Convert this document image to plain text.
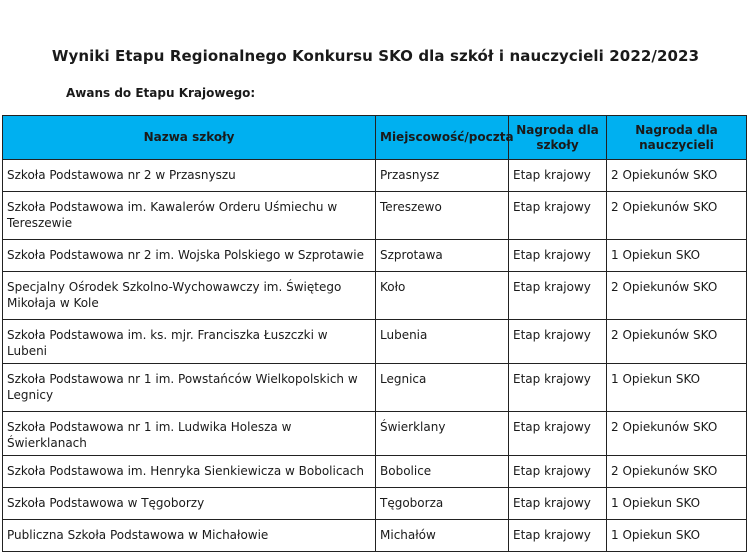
Wyniki Etapu Regionalnego Konkursu SKO dla szkół i nauczycieli 2022/2023
Awans do Etapu Krajowego:
Nazwa szkoły	Miejscowość/poczta	Nagroda dla szkoły	Nagroda dla nauczycieli
Szkoła Podstawowa nr 2 w Przasnyszu	Przasnysz	Etap krajowy	2 Opiekunów SKO
Szkoła Podstawowa im. Kawalerów Orderu Uśmiechu w Tereszewie	Tereszewo	Etap krajowy	2 Opiekunów SKO
Szkoła Podstawowa nr 2 im. Wojska Polskiego w Szprotawie	Szprotawa	Etap krajowy	1 Opiekun SKO
Specjalny Ośrodek Szkolno-Wychowawczy im. Świętego Mikołaja w Kole	Koło	Etap krajowy	2 Opiekunów SKO
Szkoła Podstawowa im. ks. mjr. Franciszka Łuszczki w Lubeni	Lubenia	Etap krajowy	2 Opiekunów SKO
Szkoła Podstawowa nr 1 im. Powstańców Wielkopolskich w Legnicy	Legnica	Etap krajowy	1 Opiekun SKO
Szkoła Podstawowa nr 1 im. Ludwika Holesza w Świerklanach	Świerklany	Etap krajowy	2 Opiekunów SKO
Szkoła Podstawowa im. Henryka Sienkiewicza w Bobolicach	Bobolice	Etap krajowy	2 Opiekunów SKO
Szkoła Podstawowa w Tęgoborzy	Tęgoborza	Etap krajowy	1 Opiekun SKO
Publiczna Szkoła Podstawowa w Michałowie	Michałów	Etap krajowy	1 Opiekun SKO
